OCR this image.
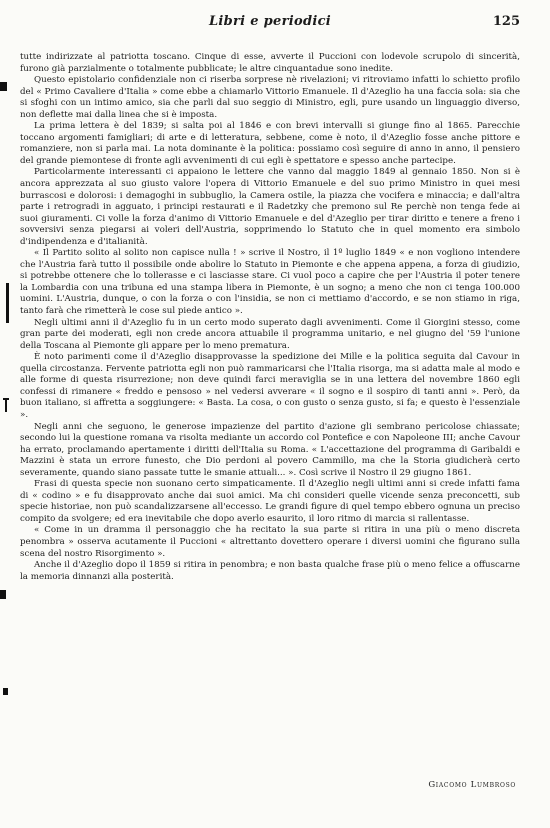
Libri e periodici	125

tutte indirizzate al patriotta toscano. Cinque di esse, avverte il Puccioni con lodevole scrupolo di sincerità, furono già parzialmente o totalmente pubblicate; le altre cinquantadue sono inedite.

Questo epistolario confidenziale non ci riserba sorprese nè rivelazioni; vi ritroviamo infatti lo schietto profilo del « Primo Cavaliere d'Italia » come ebbe a chiamarlo Vittorio Emanuele. Il d'Azeglio ha una faccia sola: sia che si sfoghi con un intimo amico, sia che parli dal suo seggio di Ministro, egli, pure usando un linguaggio diverso, non deflette mai dalla linea che si è imposta.

La prima lettera è del 1839; si salta poi al 1846 e con brevi intervalli si giunge fino al 1865. Parecchie toccano argomenti famigliari; di arte e di letteratura, sebbene, come è noto, il d'Azeglio fosse anche pittore e romanziere, non si parla mai. La nota dominante è la politica: possiamo così seguire di anno in anno, il pensiero del grande piemontese di fronte agli avvenimenti di cui egli è spettatore e spesso anche partecipe.

Particolarmente interessanti ci appaiono le lettere che vanno dal maggio 1849 al gennaio 1850. Non si è ancora apprezzata al suo giusto valore l'opera di Vittorio Emanuele e del suo primo Ministro in quei mesi burrascosi e dolorosi: i demagoghi in subbuglio, la Camera ostile, la piazza che vocifera e minaccia; e dall'altra parte i retrogradi in agguato, i principi restaurati e il Radetzky che premono sul Re perchè non tenga fede ai suoi giuramenti. Ci volle la forza d'animo di Vittorio Emanuele e del d'Azeglio per tirar diritto e tenere a freno i sovversivi senza piegarsi ai voleri dell'Austria, sopprimendo lo Statuto che in quel momento era simbolo d'indipendenza e d'italianità.

« Il Partito solito al solito non capisce nulla ! » scrive il Nostro, il 1º luglio 1849 « e non vogliono intendere che l'Austria farà tutto il possibile onde abolire lo Statuto in Piemonte e che appena appena, a forza di giudizio, si potrebbe ottenere che lo tollerasse e ci lasciasse stare. Ci vuol poco a capire che per l'Austria il poter tenere la Lombardia con una tribuna ed una stampa libera in Piemonte, è un sogno; a meno che non ci tenga 100.000 uomini. L'Austria, dunque, o con la forza o con l'insidia, se non ci mettiamo d'accordo, e se non stiamo in riga, tanto farà che rimetterà le cose sul piede antico ».

Negli ultimi anni il d'Azeglio fu in un certo modo superato dagli avvenimenti. Come il Giorgini stesso, come gran parte dei moderati, egli non crede ancora attuabile il programma unitario, e nel giugno del '59 l'unione della Toscana al Piemonte gli appare per lo meno prematura.

È noto parimenti come il d'Azeglio disapprovasse la spedizione dei Mille e la politica seguita dal Cavour in quella circostanza. Fervente patriotta egli non può rammaricarsi che l'Italia risorga, ma si adatta male al modo e alle forme di questa risurrezione; non deve quindi farci meraviglia se in una lettera del novembre 1860 egli confessi di rimanere « freddo e pensoso » nel vedersi avverare « il sogno e il sospiro di tanti anni ». Però, da buon italiano, si affretta a soggiungere: « Basta. La cosa, o con gusto o senza gusto, si fa; e questo è l'essenziale ».

Negli anni che seguono, le generose impazienze del partito d'azione gli sembrano pericolose chiassate; secondo lui la questione romana va risolta mediante un accordo col Pontefice e con Napoleone III; anche Cavour ha errato, proclamando apertamente i diritti dell'Italia su Roma. « L'accettazione del programma di Garibaldi e Mazzini è stata un errore funesto, che Dio perdoni al povero Cammillo, ma che la Storia giudicherà certo severamente, quando siano passate tutte le smanie attuali... ». Così scrive il Nostro il 29 giugno 1861.

Frasi di questa specie non suonano certo simpaticamente. Il d'Azeglio negli ultimi anni si crede infatti fama di « codino » e fu disapprovato anche dai suoi amici. Ma chi consideri quelle vicende senza preconcetti, sub specie historiae, non può scandalizzarsene all'eccesso. Le grandi figure di quel tempo ebbero ognuna un preciso compito da svolgere; ed era inevitabile che dopo averlo esaurito, il loro ritmo di marcia si rallentasse.

« Come in un dramma il personaggio che ha recitato la sua parte si ritira in una più o meno discreta penombra » osserva acutamente il Puccioni « altrettanto dovettero operare i diversi uomini che figurano sulla scena del nostro Risorgimento ».

Anche il d'Azeglio dopo il 1859 si ritira in penombra; e non basta qualche frase più o meno felice a offuscarne la memoria dinnanzi alla posterità.

Giacomo Lumbroso
